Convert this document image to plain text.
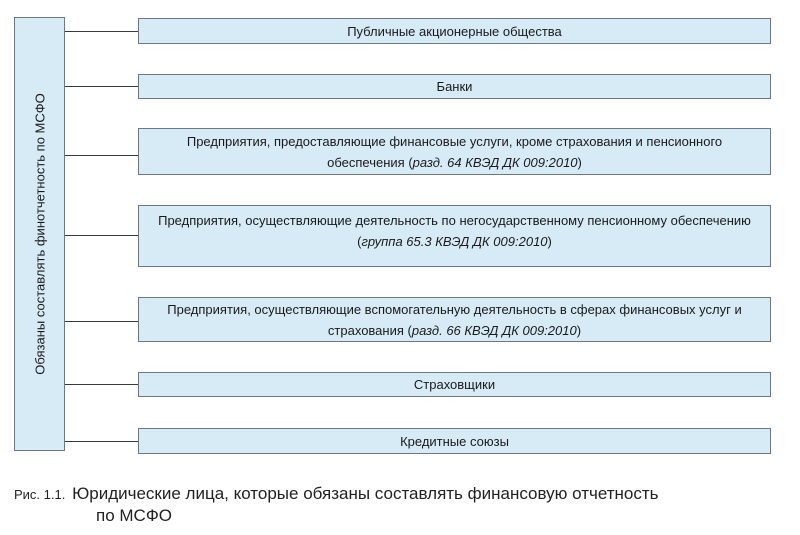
Обязаны составлять финотчетность по МСФО
Публичные акционерные общества
Банки
Предприятия, предоставляющие финансовые услуги, кроме страхования и пенсионного обеспечения (разд. 64 КВЭД ДК 009:2010)
Предприятия, осуществляющие деятельность по негосударственному пенсионному обеспечению (группа 65.3 КВЭД ДК 009:2010)
Предприятия, осуществляющие вспомогательную деятельность в сферах финансовых услуг и страхования (разд. 66 КВЭД ДК 009:2010)
Страховщики
Кредитные союзы
Рис. 1.1. Юридические лица, которые обязаны составлять финансовую отчетность
по МСФО
